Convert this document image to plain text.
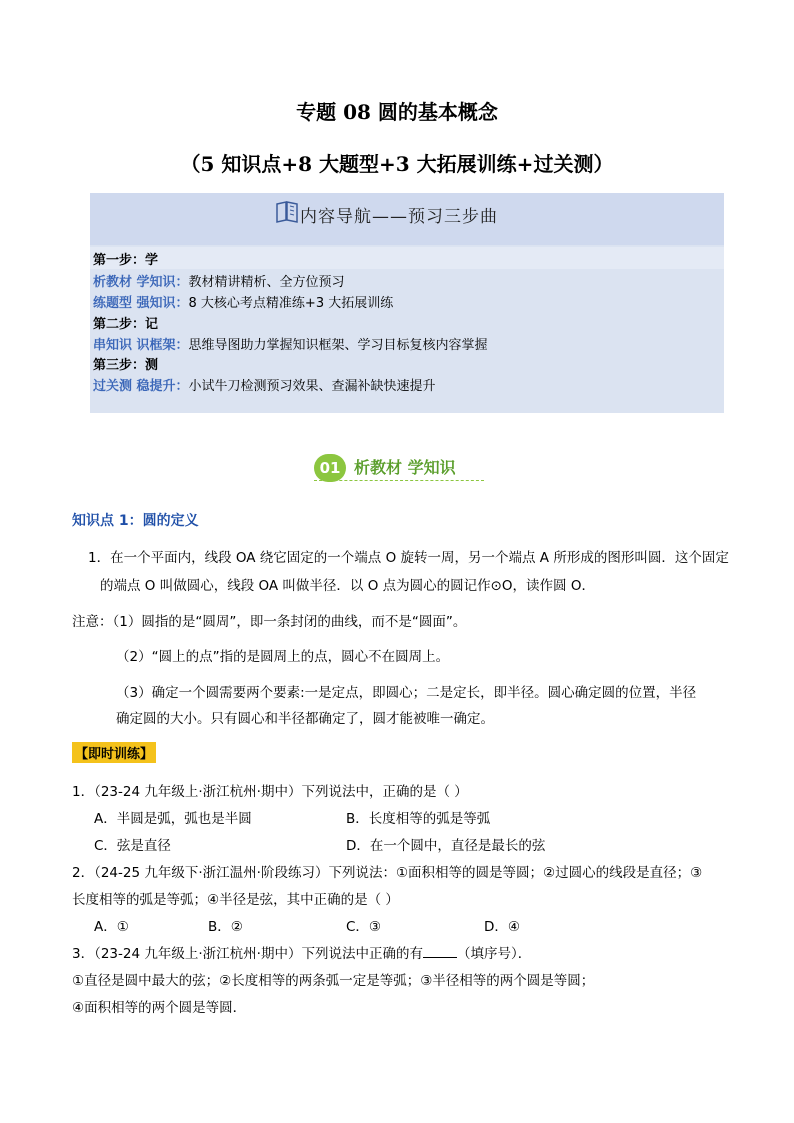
专题 08 圆的基本概念
（5 知识点+8 大题型+3 大拓展训练+过关测）
内容导航——预习三步曲
第一步：学
析教材 学知识：教材精讲精析、全方位预习
练题型 强知识：8 大核心考点精准练+3 大拓展训练
第二步：记
串知识 识框架：思维导图助力掌握知识框架、学习目标复核内容掌握
第三步：测
过关测 稳提升：小试牛刀检测预习效果、查漏补缺快速提升
01 析教材 学知识
知识点 1：圆的定义
1．在一个平面内，线段 OA 绕它固定的一个端点 O 旋转一周，另一个端点 A 所形成的图形叫圆．这个固定
的端点 O 叫做圆心，线段 OA 叫做半径．以 O 点为圆心的圆记作⊙O，读作圆 O．
注意：（1）圆指的是“圆周”，即一条封闭的曲线，而不是“圆面”。
（2）“圆上的点”指的是圆周上的点，圆心不在圆周上。
（3）确定一个圆需要两个要素:一是定点，即圆心；二是定长，即半径。圆心确定圆的位置，半径
确定圆的大小。只有圆心和半径都确定了，圆才能被唯一确定。
【即时训练】
1．（23-24 九年级上·浙江杭州·期中）下列说法中，正确的是（ ）
A．半圆是弧，弧也是半圆	B．长度相等的弧是等弧
C．弦是直径	D．在一个圆中，直径是最长的弦
2．（24-25 九年级下·浙江温州·阶段练习）下列说法：①面积相等的圆是等圆；②过圆心的线段是直径；③
长度相等的弧是等弧；④半径是弦，其中正确的是（ ）
A．①	B．②	C．③	D．④
3．（23-24 九年级上·浙江杭州·期中）下列说法中正确的有	（填序号）．
①直径是圆中最大的弦；②长度相等的两条弧一定是等弧；③半径相等的两个圆是等圆；
④面积相等的两个圆是等圆．
